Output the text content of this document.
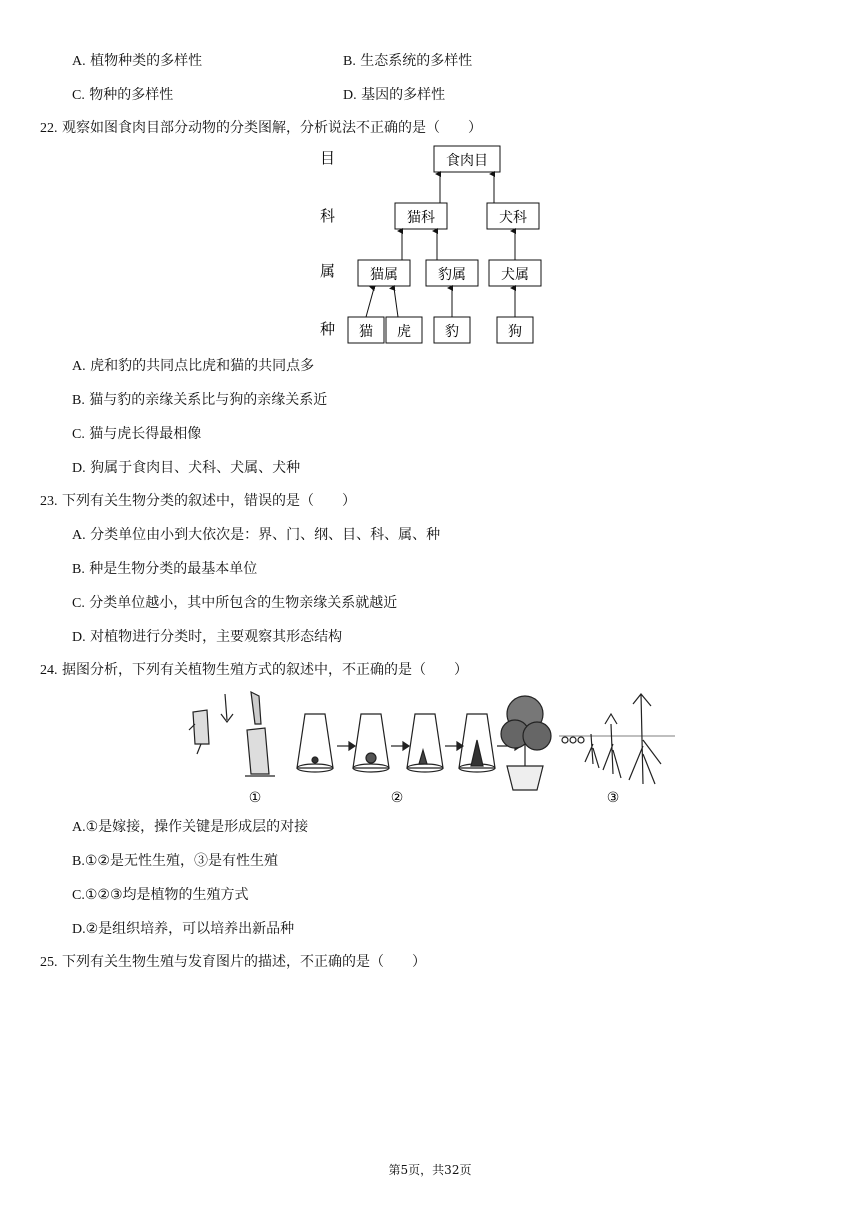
A. 植物种类的多样性	B. 生态系统的多样性
C. 物种的多样性	D. 基因的多样性
22. 观察如图食肉目部分动物的分类图解，分析说法不正确的是（　　）
目
科
属
种
食肉目
猫科	犬科
猫属	豹属	犬属
猫 虎 豹	狗
A. 虎和豹的共同点比虎和猫的共同点多
B. 猫与豹的亲缘关系比与狗的亲缘关系近
C. 猫与虎长得最相像
D. 狗属于食肉目、犬科、犬属、犬种
23. 下列有关生物分类的叙述中，错误的是（　　）
A. 分类单位由小到大依次是：界、门、纲、目、科、属、种
B. 种是生物分类的最基本单位
C. 分类单位越小，其中所包含的生物亲缘关系就越近
D. 对植物进行分类时，主要观察其形态结构
24. 据图分析，下列有关植物生殖方式的叙述中，不正确的是（　　）
①	②	③
A.①是嫁接，操作关键是形成层的对接
B.①②是无性生殖，③是有性生殖
C.①②③均是植物的生殖方式
D.②是组织培养，可以培养出新品种
25. 下列有关生物生殖与发育图片的描述，不正确的是（　　）
第5页，共32页
